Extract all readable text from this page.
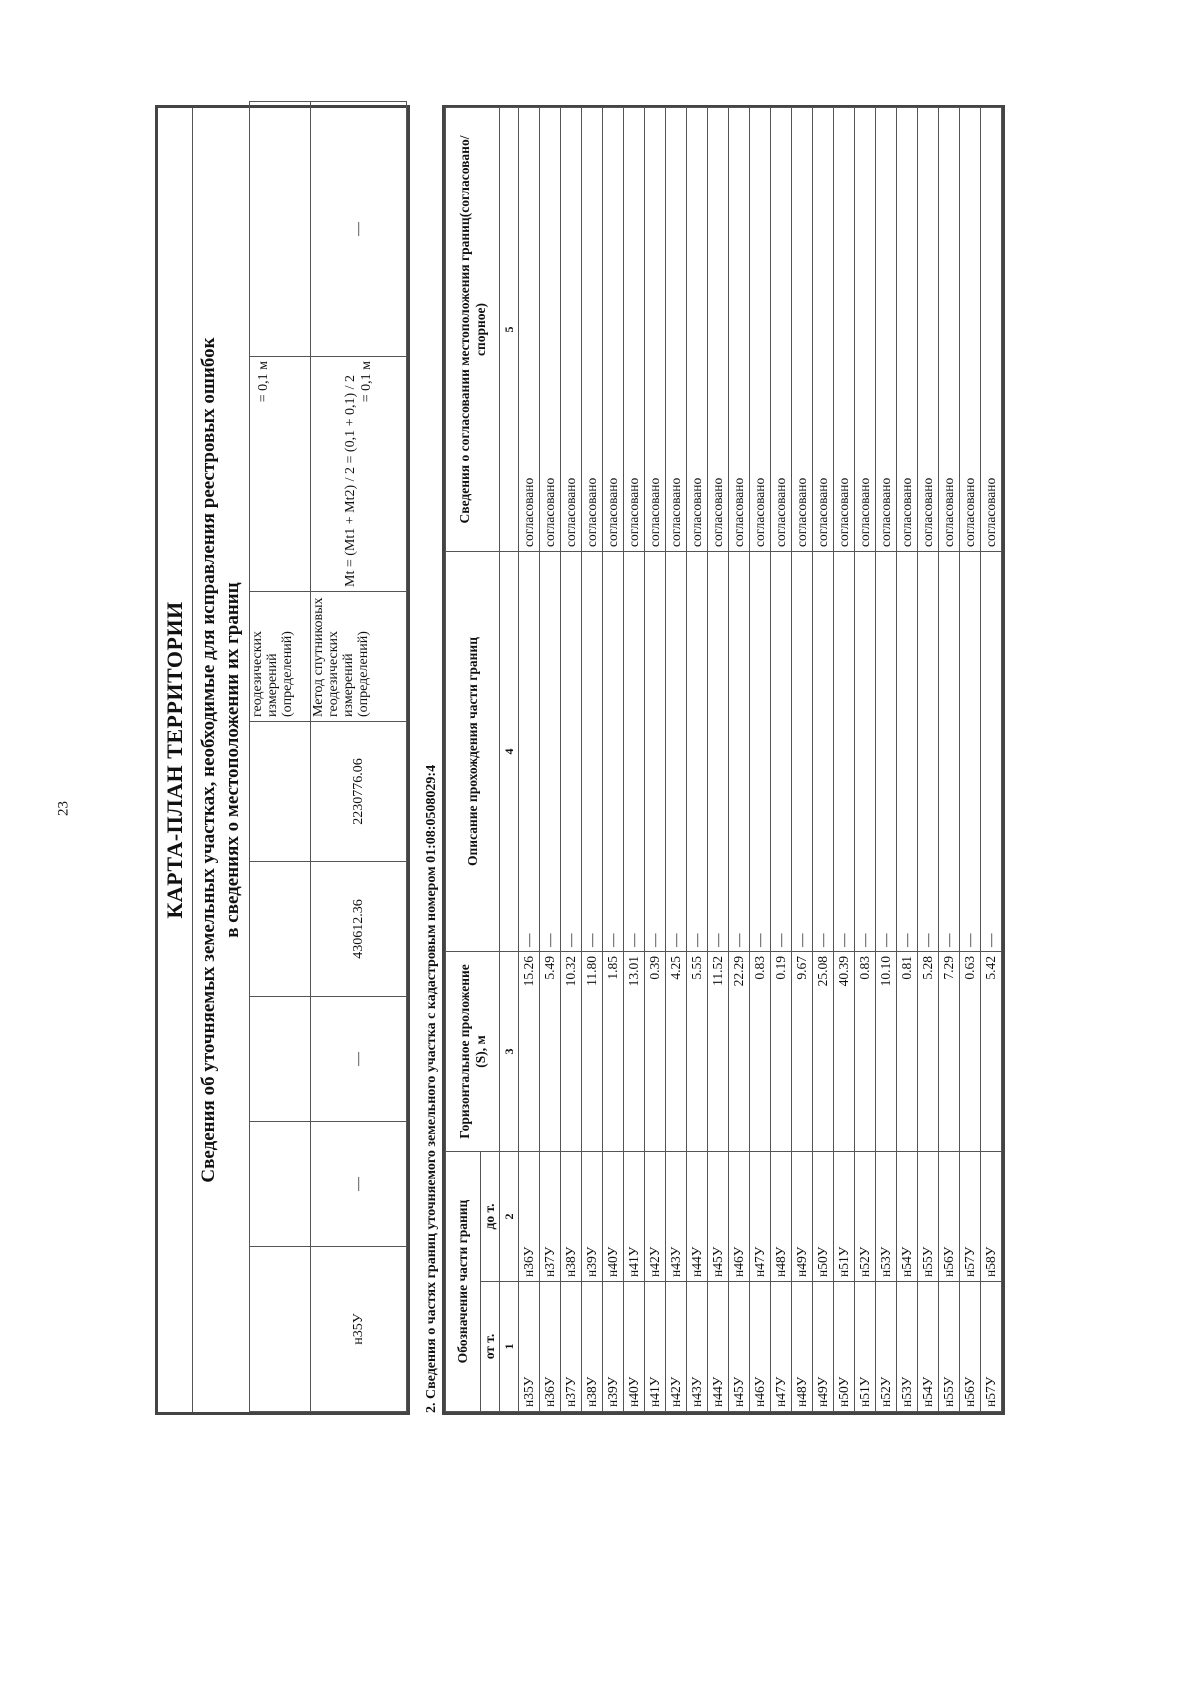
23	КАРТА-ПЛАН ТЕРРИТОРИИ Сведения об уточняемых земельных участках, необходимые для исправления реестровых ошибок в сведениях о местоположении их границ
					геодезических измерений (определений)	= 0,1 м	
н35У	—	—	430612.36	2230776.06	Метод спутниковых геодезических измерений (определений)	Mt = (Mt1 + Mt2) / 2 = (0,1 + 0,1) / 2 = 0,1 м	—
2. Сведения о частях границ уточняемого земельного участка с кадастровым номером 01:08:0508029:4 Обозначение части границ		Горизонтальное проложение (S), м	Описание прохождения части границ	Сведения о согласовании местоположения границ(согласовано/спорное)
от т.	до т.			
1	2	3	4	5
н35У	н36У	15.26	—	согласовано
н36У	н37У	5.49	—	согласовано
н37У	н38У	10.32	—	согласовано
н38У	н39У	11.80	—	согласовано
н39У	н40У	1.85	—	согласовано
н40У	н41У	13.01	—	согласовано
н41У	н42У	0.39	—	согласовано
н42У	н43У	4.25	—	согласовано
н43У	н44У	5.55	—	согласовано
н44У	н45У	11.52	—	согласовано
н45У	н46У	22.29	—	согласовано
н46У	н47У	0.83	—	согласовано
н47У	н48У	0.19	—	согласовано
н48У	н49У	9.67	—	согласовано
н49У	н50У	25.08	—	согласовано
н50У	н51У	40.39	—	согласовано
н51У	н52У	0.83	—	согласовано
н52У	н53У	10.10	—	согласовано
н53У	н54У	0.81	—	согласовано
н54У	н55У	5.28	—	согласовано
н55У	н56У	7.29	—	согласовано
н56У	н57У	0.63	—	согласовано
н57У	н58У	5.42	—	согласовано
